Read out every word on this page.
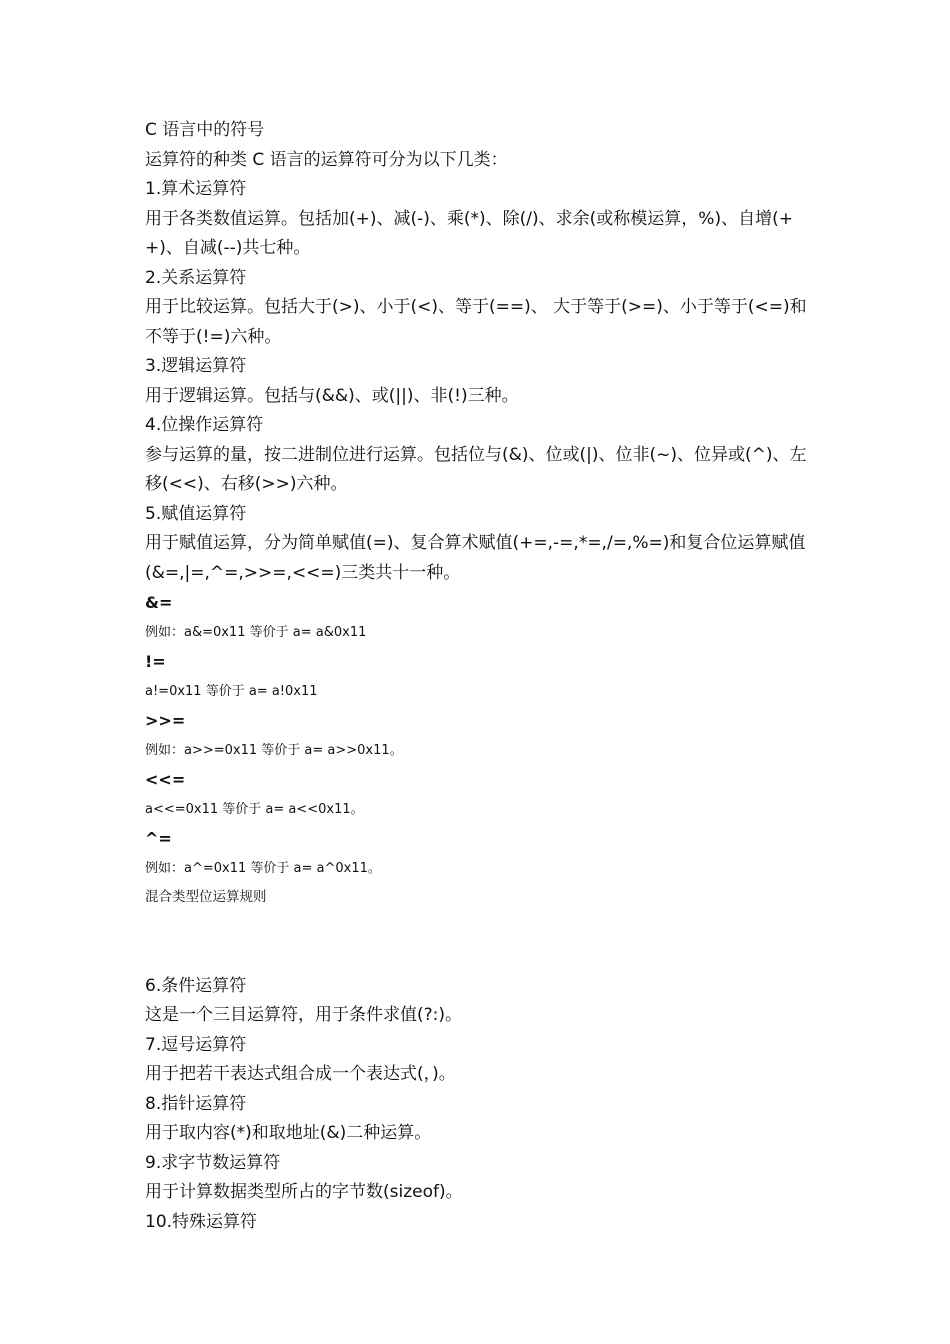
C 语言中的符号

运算符的种类 C 语言的运算符可分为以下几类：

1.算术运算符

用于各类数值运算。包括加(+)、减(-)、乘(*)、除(/)、求余(或称模运算，%)、自增(++)、自减(--)共七种。

2.关系运算符

用于比较运算。包括大于(>)、小于(<)、等于(==)、 大于等于(>=)、小于等于(<=)和不等于(!=)六种。

3.逻辑运算符

用于逻辑运算。包括与(&&)、或(||)、非(!)三种。

4.位操作运算符

参与运算的量，按二进制位进行运算。包括位与(&)、位或(|)、位非(~)、位异或(^)、左移(<<)、右移(>>)六种。

5.赋值运算符

用于赋值运算，分为简单赋值(=)、复合算术赋值(+=,-=,*=,/=,%=)和复合位运算赋值(&=,|=,^=,>>=,<<=)三类共十一种。

&=

例如：a&=0x11 等价于 a= a&0x11

!=

a!=0x11 等价于 a= a!0x11

>>=

例如：a>>=0x11 等价于 a= a>>0x11。

<<=

a<<=0x11 等价于 a= a<<0x11。

^=

例如：a^=0x11 等价于 a= a^0x11。

混合类型位运算规则

6.条件运算符

这是一个三目运算符，用于条件求值(?:)。

7.逗号运算符

用于把若干表达式组合成一个表达式(，)。

8.指针运算符

用于取内容(*)和取地址(&)二种运算。

9.求字节数运算符

用于计算数据类型所占的字节数(sizeof)。

10.特殊运算符
